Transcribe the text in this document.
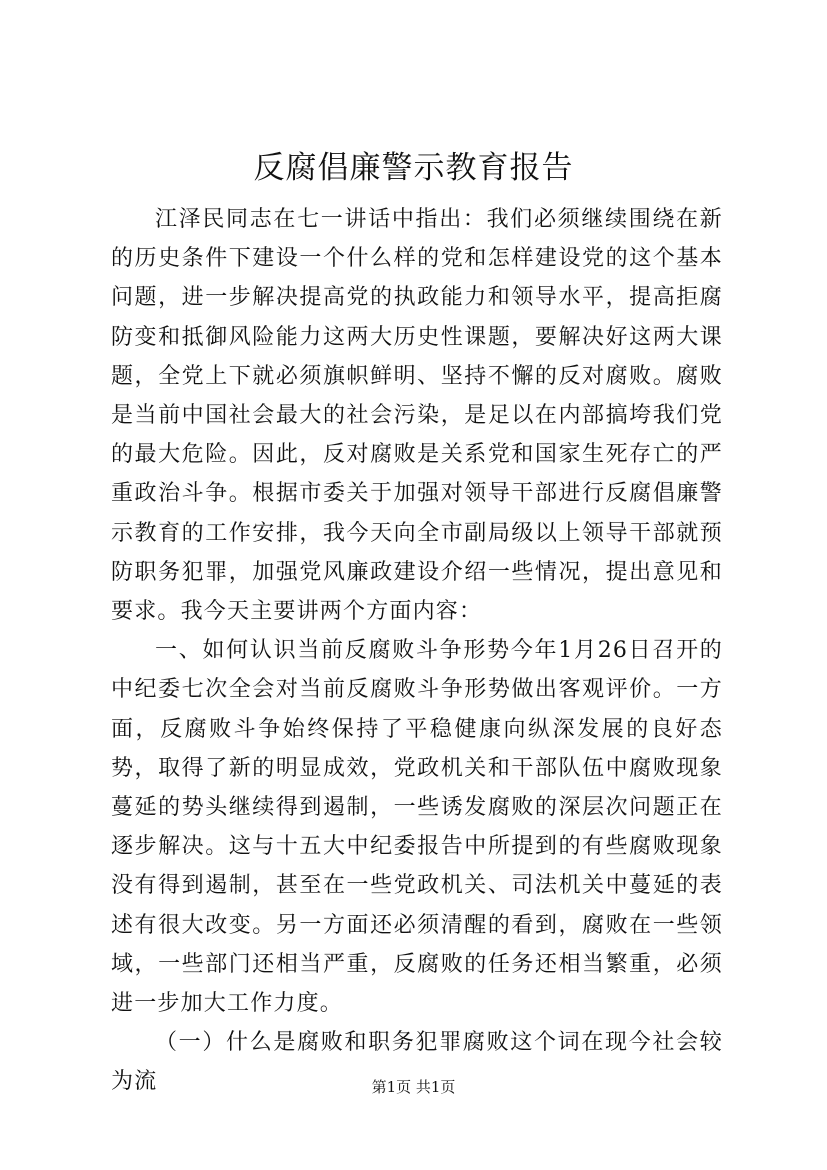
反腐倡廉警示教育报告

江泽民同志在七一讲话中指出：我们必须继续围绕在新的历史条件下建设一个什么样的党和怎样建设党的这个基本问题，进一步解决提高党的执政能力和领导水平，提高拒腐防变和抵御风险能力这两大历史性课题，要解决好这两大课题，全党上下就必须旗帜鲜明、坚持不懈的反对腐败。腐败是当前中国社会最大的社会污染，是足以在内部搞垮我们党的最大危险。因此，反对腐败是关系党和国家生死存亡的严重政治斗争。根据市委关于加强对领导干部进行反腐倡廉警示教育的工作安排，我今天向全市副局级以上领导干部就预防职务犯罪，加强党风廉政建设介绍一些情况，提出意见和要求。我今天主要讲两个方面内容：

一、如何认识当前反腐败斗争形势今年1月26日召开的中纪委七次全会对当前反腐败斗争形势做出客观评价。一方面，反腐败斗争始终保持了平稳健康向纵深发展的良好态势，取得了新的明显成效，党政机关和干部队伍中腐败现象蔓延的势头继续得到遏制，一些诱发腐败的深层次问题正在逐步解决。这与十五大中纪委报告中所提到的有些腐败现象没有得到遏制，甚至在一些党政机关、司法机关中蔓延的表述有很大改变。另一方面还必须清醒的看到，腐败在一些领域，一些部门还相当严重，反腐败的任务还相当繁重，必须进一步加大工作力度。

（一）什么是腐败和职务犯罪腐败这个词在现今社会较为流	第1页 共1页
